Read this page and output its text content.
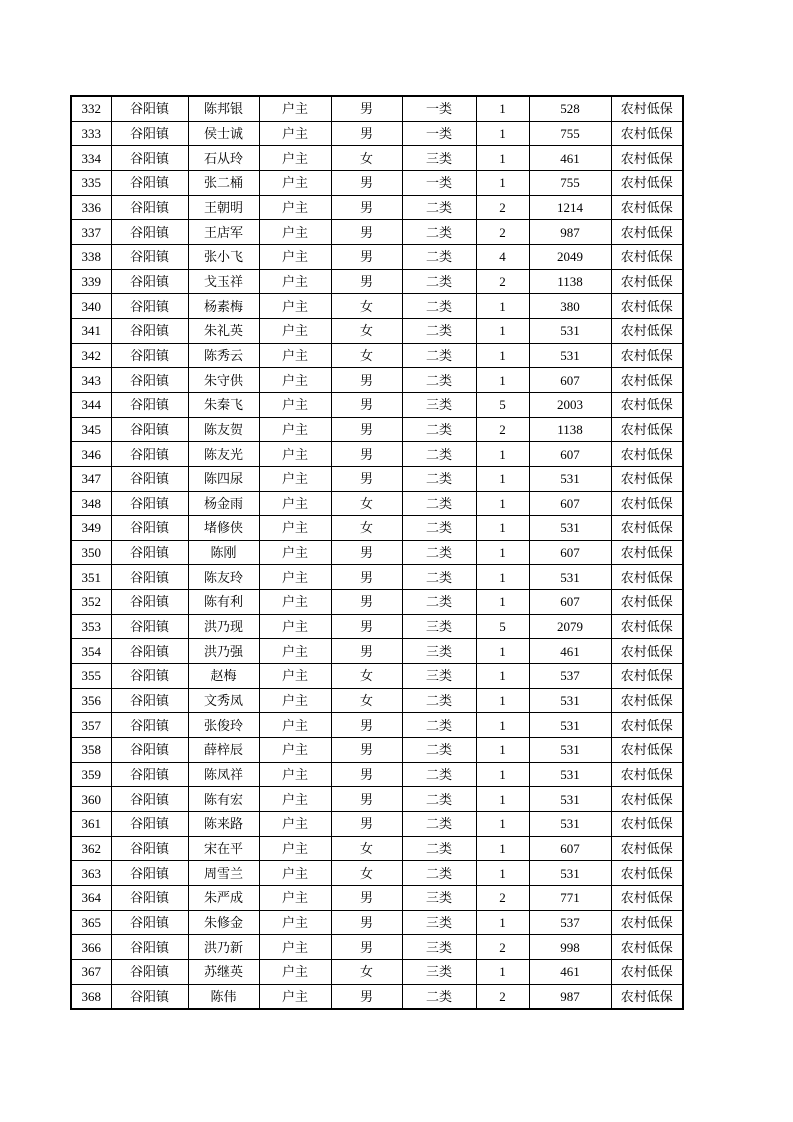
332	谷阳镇	陈邦银	户主	男	一类	1	528	农村低保
333	谷阳镇	侯士诚	户主	男	一类	1	755	农村低保
334	谷阳镇	石从玲	户主	女	三类	1	461	农村低保
335	谷阳镇	张二桶	户主	男	一类	1	755	农村低保
336	谷阳镇	王朝明	户主	男	二类	2	1214	农村低保
337	谷阳镇	王店军	户主	男	二类	2	987	农村低保
338	谷阳镇	张小飞	户主	男	二类	4	2049	农村低保
339	谷阳镇	戈玉祥	户主	男	二类	2	1138	农村低保
340	谷阳镇	杨素梅	户主	女	二类	1	380	农村低保
341	谷阳镇	朱礼英	户主	女	二类	1	531	农村低保
342	谷阳镇	陈秀云	户主	女	二类	1	531	农村低保
343	谷阳镇	朱守供	户主	男	二类	1	607	农村低保
344	谷阳镇	朱秦飞	户主	男	三类	5	2003	农村低保
345	谷阳镇	陈友贺	户主	男	二类	2	1138	农村低保
346	谷阳镇	陈友光	户主	男	二类	1	607	农村低保
347	谷阳镇	陈四尿	户主	男	二类	1	531	农村低保
348	谷阳镇	杨金雨	户主	女	二类	1	607	农村低保
349	谷阳镇	堵修侠	户主	女	二类	1	531	农村低保
350	谷阳镇	陈刚	户主	男	二类	1	607	农村低保
351	谷阳镇	陈友玲	户主	男	二类	1	531	农村低保
352	谷阳镇	陈有利	户主	男	二类	1	607	农村低保
353	谷阳镇	洪乃现	户主	男	三类	5	2079	农村低保
354	谷阳镇	洪乃强	户主	男	三类	1	461	农村低保
355	谷阳镇	赵梅	户主	女	三类	1	537	农村低保
356	谷阳镇	文秀凤	户主	女	二类	1	531	农村低保
357	谷阳镇	张俊玲	户主	男	二类	1	531	农村低保
358	谷阳镇	薛梓辰	户主	男	二类	1	531	农村低保
359	谷阳镇	陈凤祥	户主	男	二类	1	531	农村低保
360	谷阳镇	陈有宏	户主	男	二类	1	531	农村低保
361	谷阳镇	陈来路	户主	男	二类	1	531	农村低保
362	谷阳镇	宋在平	户主	女	二类	1	607	农村低保
363	谷阳镇	周雪兰	户主	女	二类	1	531	农村低保
364	谷阳镇	朱严成	户主	男	三类	2	771	农村低保
365	谷阳镇	朱修金	户主	男	三类	1	537	农村低保
366	谷阳镇	洪乃新	户主	男	三类	2	998	农村低保
367	谷阳镇	苏继英	户主	女	三类	1	461	农村低保
368	谷阳镇	陈伟	户主	男	二类	2	987	农村低保
